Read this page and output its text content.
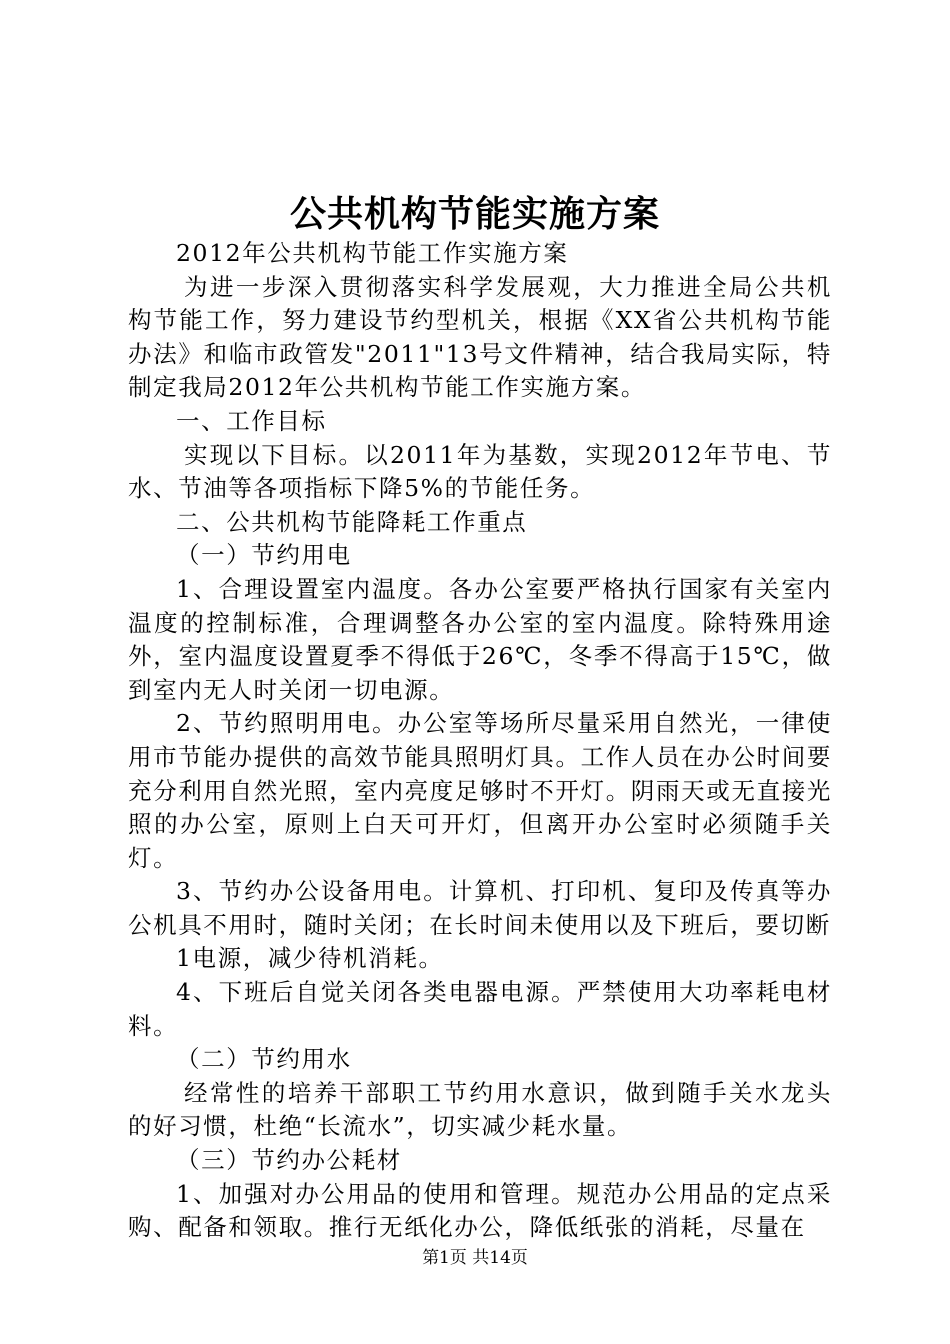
公共机构节能实施方案

2012年公共机构节能工作实施方案

为进一步深入贯彻落实科学发展观，大力推进全局公共机构节能工作，努力建设节约型机关，根据《XX省公共机构节能办法》和临市政管发"2011"13号文件精神，结合我局实际，特制定我局2012年公共机构节能工作实施方案。

一、工作目标

实现以下目标。以2011年为基数，实现2012年节电、节水、节油等各项指标下降5%的节能任务。

二、公共机构节能降耗工作重点

（一）节约用电

1、合理设置室内温度。各办公室要严格执行国家有关室内温度的控制标准，合理调整各办公室的室内温度。除特殊用途外，室内温度设置夏季不得低于26℃，冬季不得高于15℃，做到室内无人时关闭一切电源。

2、节约照明用电。办公室等场所尽量采用自然光，一律使用市节能办提供的高效节能具照明灯具。工作人员在办公时间要充分利用自然光照，室内亮度足够时不开灯。阴雨天或无直接光照的办公室，原则上白天可开灯，但离开办公室时必须随手关灯。

3、节约办公设备用电。计算机、打印机、复印及传真等办公机具不用时，随时关闭；在长时间未使用以及下班后，要切断

1电源，减少待机消耗。

4、下班后自觉关闭各类电器电源。严禁使用大功率耗电材料。

（二）节约用水

经常性的培养干部职工节约用水意识，做到随手关水龙头的好习惯，杜绝“长流水”，切实减少耗水量。

（三）节约办公耗材

1、加强对办公用品的使用和管理。规范办公用品的定点采购、配备和领取。推行无纸化办公，降低纸张的消耗，尽量在

第1页 共14页
